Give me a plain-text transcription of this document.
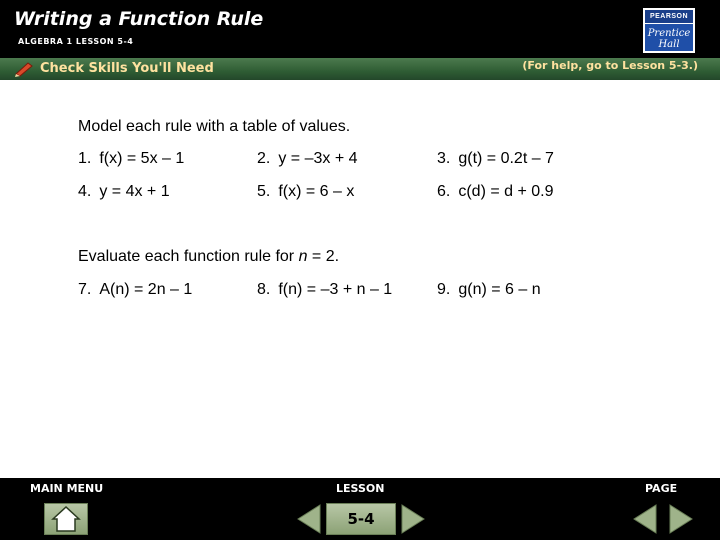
Writing a Function Rule
ALGEBRA 1 LESSON 5-4
PEARSON
Prentice
Hall
Check Skills You'll Need	(For help, go to Lesson 5-3.)
Model each rule with a table of values.
1. f(x) = 5x – 1	2. y = –3x + 4	3. g(t) = 0.2t – 7
4. y = 4x + 1	5. f(x) = 6 – x	6. c(d) = d + 0.9
Evaluate each function rule for n = 2.
7. A(n) = 2n – 1	8. f(n) = –3 + n – 1	9. g(n) = 6 – n
MAIN MENU	LESSON	PAGE
5-4
